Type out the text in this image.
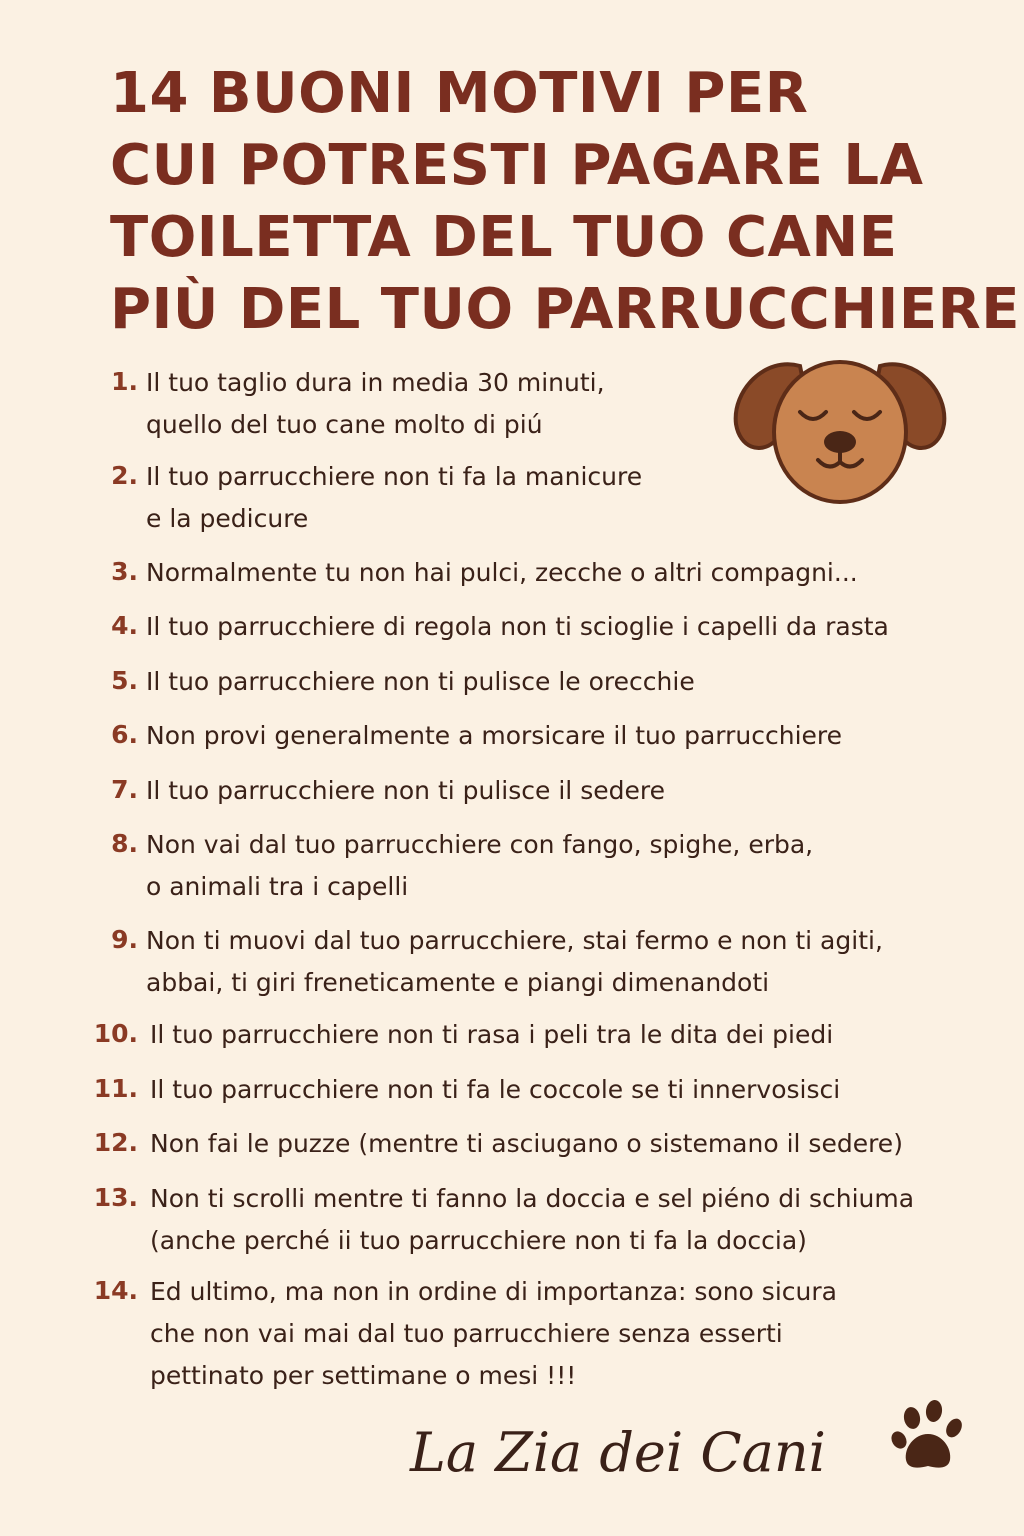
14 BUONI MOTIVI PER
CUI POTRESTI PAGARE LA
TOILETTA DEL TUO CANE
PIÙ DEL TUO PARRUCCHIERE
1. Il tuo taglio dura in media 30 minuti,
quello del tuo cane molto di piú
2. Il tuo parrucchiere non ti fa la manicure
e la pedicure
3. Normalmente tu non hai pulci, zecche o altri compagni...
4. Il tuo parrucchiere di regola non ti scioglie i capelli da rasta
5. Il tuo parrucchiere non ti pulisce le orecchie
6. Non provi generalmente a morsicare il tuo parrucchiere
7. Il tuo parrucchiere non ti pulisce il sedere
8. Non vai dal tuo parrucchiere con fango, spighe, erba,
o animali tra i capelli
9. Non ti muovi dal tuo parrucchiere, stai fermo e non ti agiti,
abbai, ti giri freneticamente e piangi dimenandoti
10. Il tuo parrucchiere non ti rasa i peli tra le dita dei piedi
11. Il tuo parrucchiere non ti fa le coccole se ti innervosisci
12. Non fai le puzze (mentre ti asciugano o sistemano il sedere)
13. Non ti scrolli mentre ti fanno la doccia e sel piéno di schiuma
(anche perché ii tuo parrucchiere non ti fa la doccia)
14. Ed ultimo, ma non in ordine di importanza: sono sicura
che non vai mai dal tuo parrucchiere senza esserti
pettinato per settimane o mesi !!!
La Zia dei Cani
